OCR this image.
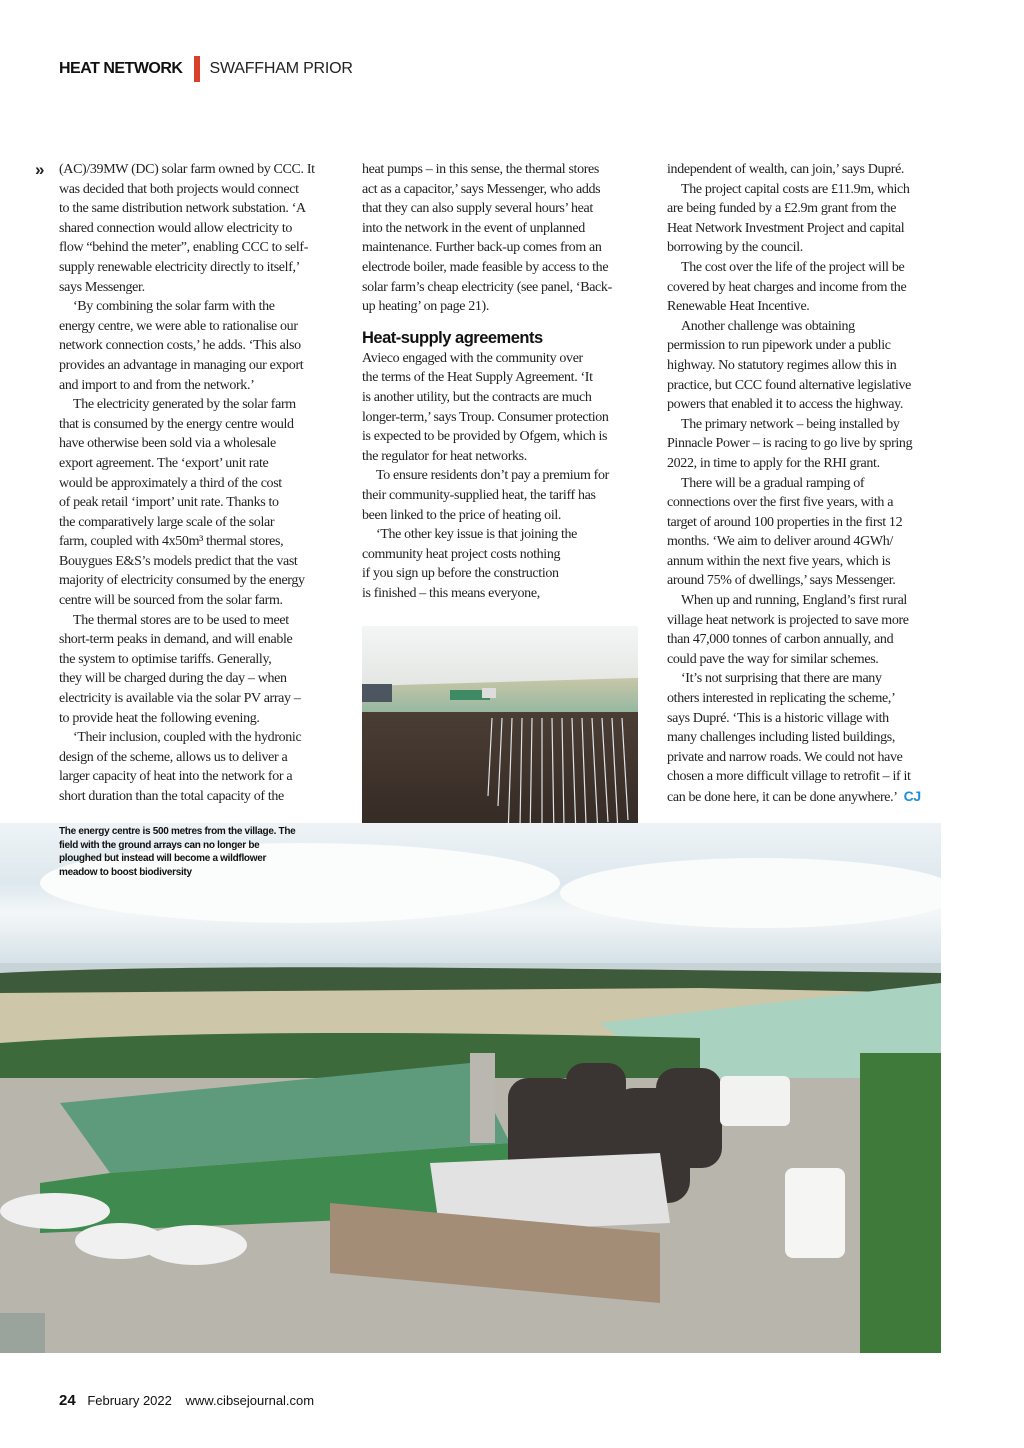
HEAT NETWORK SWAFFHAM PRIOR
»
The energy centre is 500 metres from the village. The field with the ground arrays can no longer be ploughed but instead will become a wildflower meadow to boost biodiversity
(AC)/39MW (DC) solar farm owned by CCC. It
was decided that both projects would connect
to the same distribution network substation. ‘A
shared connection would allow electricity to
flow “behind the meter”, enabling CCC to self-
supply renewable electricity directly to itself,’
says Messenger.
‘By combining the solar farm with the
energy centre, we were able to rationalise our
network connection costs,’ he adds. ‘This also
provides an advantage in managing our export
and import to and from the network.’
The electricity generated by the solar farm
that is consumed by the energy centre would
have otherwise been sold via a wholesale
export agreement. The ‘export’ unit rate
would be approximately a third of the cost
of peak retail ‘import’ unit rate. Thanks to
the comparatively large scale of the solar
farm, coupled with 4x50m³ thermal stores,
Bouygues E&S’s models predict that the vast
majority of electricity consumed by the energy
centre will be sourced from the solar farm.
The thermal stores are to be used to meet
short-term peaks in demand, and will enable
the system to optimise tariffs. Generally,
they will be charged during the day – when
electricity is available via the solar PV array –
to provide heat the following evening.
‘Their inclusion, coupled with the hydronic
design of the scheme, allows us to deliver a
larger capacity of heat into the network for a
short duration than the total capacity of the
heat pumps – in this sense, the thermal stores
act as a capacitor,’ says Messenger, who adds
that they can also supply several hours’ heat
into the network in the event of unplanned
maintenance. Further back-up comes from an
electrode boiler, made feasible by access to the
solar farm’s cheap electricity (see panel, ‘Back-
up heating’ on page 21).
Heat-supply agreements
Avieco engaged with the community over
the terms of the Heat Supply Agreement. ‘It
is another utility, but the contracts are much
longer-term,’ says Troup. Consumer protection
is expected to be provided by Ofgem, which is
the regulator for heat networks.
To ensure residents don’t pay a premium for
their community-supplied heat, the tariff has
been linked to the price of heating oil.
‘The other key issue is that joining the
community heat project costs nothing
if you sign up before the construction
is finished – this means everyone,
independent of wealth, can join,’ says Dupré.
The project capital costs are £11.9m, which
are being funded by a £2.9m grant from the
Heat Network Investment Project and capital
borrowing by the council.
The cost over the life of the project will be
covered by heat charges and income from the
Renewable Heat Incentive.
Another challenge was obtaining
permission to run pipework under a public
highway. No statutory regimes allow this in
practice, but CCC found alternative legislative
powers that enabled it to access the highway.
The primary network – being installed by
Pinnacle Power – is racing to go live by spring
2022, in time to apply for the RHI grant.
There will be a gradual ramping of
connections over the first five years, with a
target of around 100 properties in the first 12
months. ‘We aim to deliver around 4GWh/
annum within the next five years, which is
around 75% of dwellings,’ says Messenger.
When up and running, England’s first rural
village heat network is projected to save more
than 47,000 tonnes of carbon annually, and
could pave the way for similar schemes.
‘It’s not surprising that there are many
others interested in replicating the scheme,’
says Dupré. ‘This is a historic village with
many challenges including listed buildings,
private and narrow roads. We could not have
chosen a more difficult village to retrofit – if it
can be done here, it can be done anywhere.’ CJ
24 February 2022 www.cibsejournal.com
